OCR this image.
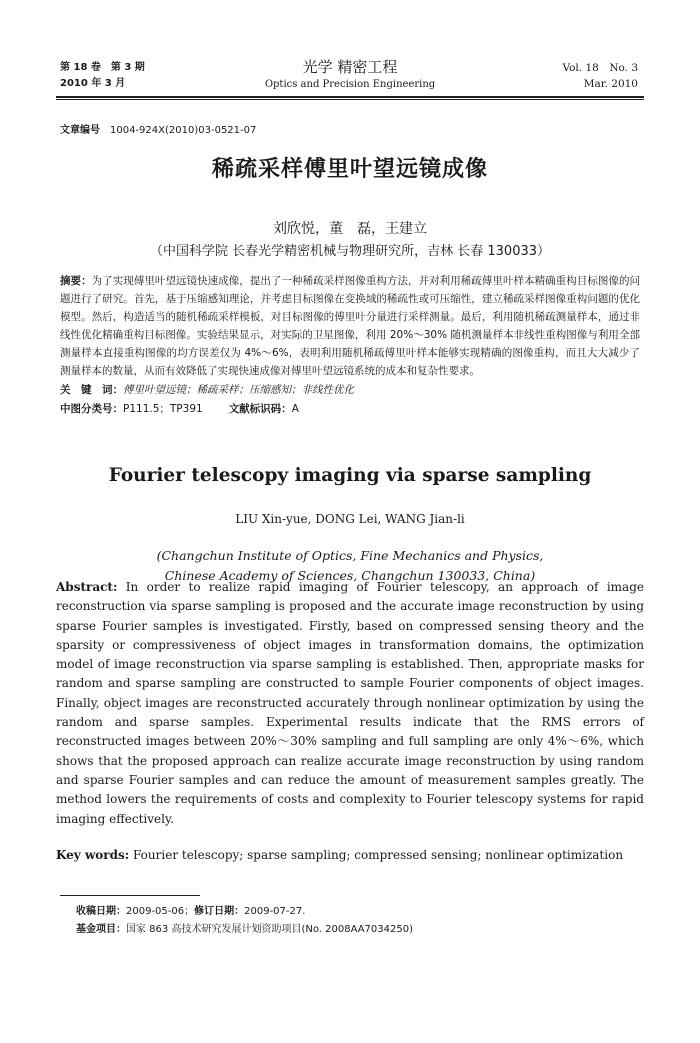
第 18 卷　第 3 期
2010 年 3 月
光学 精密工程
Optics and Precision Engineering
Vol. 18　No. 3
Mar. 2010
文章编号 1004-924X(2010)03-0521-07
稀疏采样傅里叶望远镜成像
刘欣悦，董　磊，王建立
（中国科学院 长春光学精密机械与物理研究所，吉林 长春 130033）
摘要：为了实现傅里叶望远镜快速成像，提出了一种稀疏采样图像重构方法，并对利用稀疏傅里叶样本精确重构目标图像的问题进行了研究。首先，基于压缩感知理论，并考虑目标图像在变换域的稀疏性或可压缩性，建立稀疏采样图像重构问题的优化模型。然后，构造适当的随机稀疏采样模板，对目标图像的傅里叶分量进行采样测量。最后，利用随机稀疏测量样本，通过非线性优化精确重构目标图像。实验结果显示，对实际的卫星图像，利用 20%～30% 随机测量样本非线性重构图像与利用全部测量样本直接重构图像的均方误差仅为 4%～6%，表明利用随机稀疏傅里叶样本能够实现精确的图像重构，而且大大减少了测量样本的数量，从而有效降低了实现快速成像对傅里叶望远镜系统的成本和复杂性要求。
关　键　词：傅里叶望远镜；稀疏采样；压缩感知；非线性优化
中图分类号：P111.5；TP391 文献标识码：A
Fourier telescopy imaging via sparse sampling
LIU Xin-yue, DONG Lei, WANG Jian-li
(Changchun Institute of Optics, Fine Mechanics and Physics,
Chinese Academy of Sciences, Changchun 130033, China)
Abstract: In order to realize rapid imaging of Fourier telescopy, an approach of image reconstruction via sparse sampling is proposed and the accurate image reconstruction by using sparse Fourier samples is investigated. Firstly, based on compressed sensing theory and the sparsity or compressiveness of object images in transformation domains, the optimization model of image reconstruction via sparse sampling is established. Then, appropriate masks for random and sparse sampling are constructed to sample Fourier components of object images. Finally, object images are reconstructed accurately through nonlinear optimization by using the random and sparse samples. Experimental results indicate that the RMS errors of reconstructed images between 20%～30% sampling and full sampling are only 4%～6%, which shows that the proposed approach can realize accurate image reconstruction by using random and sparse Fourier samples and can reduce the amount of measurement samples greatly. The method lowers the requirements of costs and complexity to Fourier telescopy systems for rapid imaging effectively.
Key words: Fourier telescopy; sparse sampling; compressed sensing; nonlinear optimization
收稿日期：2009-05-06；修订日期：2009-07-27.
基金项目：国家 863 高技术研究发展计划资助项目(No. 2008AA7034250)
